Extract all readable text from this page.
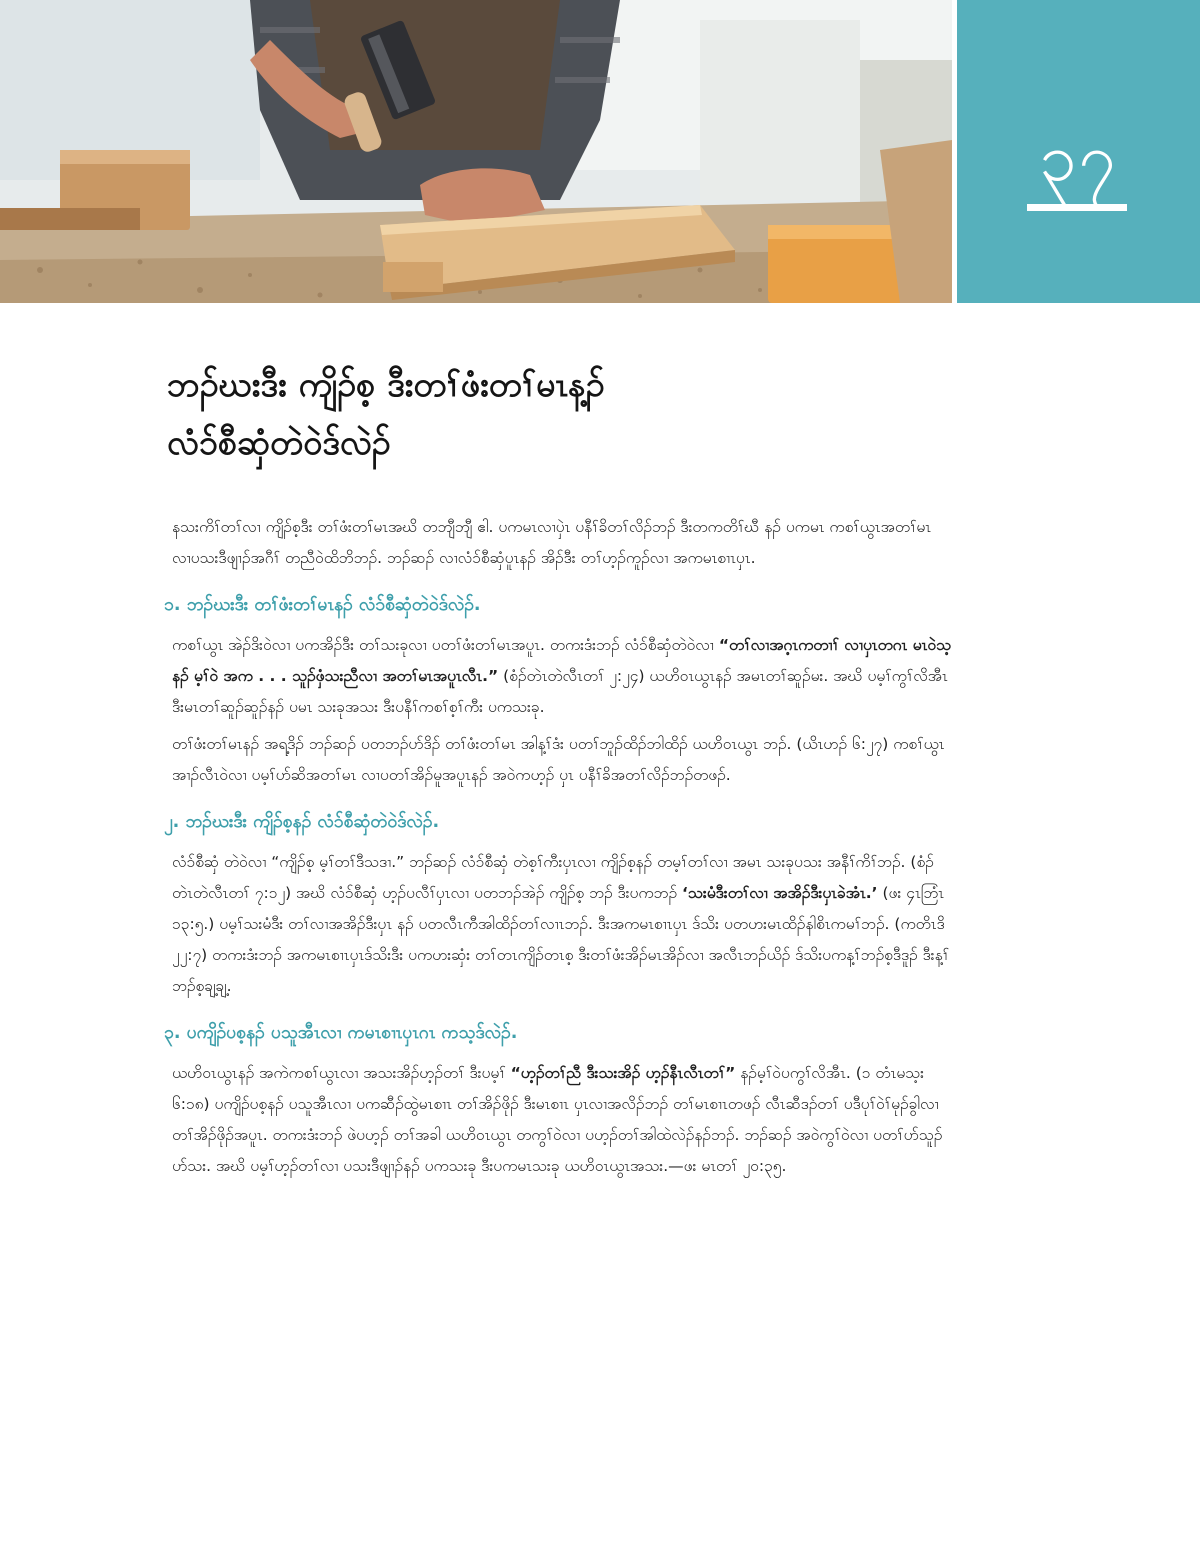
၃၇
ဘၣ်ဃးဒီး ကျိၣ်စ့ ဒီးတၢ်ဖံးတၢ်မၤန့ၣ်
လံၥ်စီဆှံတဲဝဲဒ်လဲၣ်

နသးကိၢ်တၢ်လၢ ကျိၣ်စ့ဒီး တၢ်ဖံးတၢ်မၤအဃိ တဘျီဘျီ ဧါ. ပကမၤလၢပှဲၤ ပနီၢ်ခိတၢ်လိၣ်ဘၣ် ဒီးတကတိၢ်ဃီ နၣ် ပကမၤ ကစၢ်ယွၤအတၢ်မၤ လၢပသးဒီဖျၢၣ်အဂီၢ် တညီဝဲထိဘိဘၣ်. ဘၣ်ဆၣ် လၢလံၥ်စီဆှံပူၤနၣ် အိၣ်ဒီး တၢ်ဟ့ၣ်ကူၣ်လၢ အကမၤစၢၤပှၤ.

၁. ဘၣ်ဃးဒီး တၢ်ဖံးတၢ်မၤနၣ် လံၥ်စီဆှံတဲဝဲဒ်လဲၣ်.

ကစၢ်ယွၤ အဲၣ်ဒိးဝဲလၢ ပကအိၣ်ဒီး တၢ်သးခုလၢ ပတၢ်ဖံးတၢ်မၤအပူၤ. တကးဒံးဘၣ် လံၥ်စီဆှံတဲဝဲလၢ “တၢ်လၢအဂ့ၤကတၢၢ် လၢပှၤတဂၤ မၤဝဲသ့နၣ် မ့ၢ်ဝဲ အက . . . သူၣ်ဖှံသးညီလၢ အတၢ်မၤအပူၤလီၤ.” (စံၣ်တဲၤတဲလီၤတၢ် ၂:၂၄) ယဟိဝၤယွၤနၣ် အမၤတၢ်ဆူၣ်မး. အဃိ ပမ့ၢ်ကွၢ်လိအီၤ ဒီးမၤတၢ်ဆူၣ်ဆူၣ်နၣ် ပမၤ သးခုအသး ဒီးပနီၢ်ကစၢ်စ့ၢ်ကီး ပကသးခု.

တၢ်ဖံးတၢ်မၤနၣ် အရ့ဒိၣ် ဘၣ်ဆၣ် ပတဘၣ်ပာ်ဒိၣ် တၢ်ဖံးတၢ်မၤ အါန့ၢ်ဒံး ပတၢ်ဘူၣ်ထိၣ်ဘါထိၣ် ယဟိဝၤယွၤ ဘၣ်. (ယိၤဟၣ် ၆:၂၇) ကစၢ်ယွၤ အၢၣ်လီၤဝဲလၢ ပမ့ၢ်ပာ်ဆိအတၢ်မၤ လၢပတၢ်အိၣ်မူအပူၤနၣ် အဝဲကဟ့ၣ် ပှၤ ပနီၢ်ခိအတၢ်လိၣ်ဘၣ်တဖၣ်.

၂. ဘၣ်ဃးဒီး ကျိၣ်စ့နၣ် လံၥ်စီဆှံတဲဝဲဒ်လဲၣ်.

လံၥ်စီဆှံ တဲဝဲလၢ “ကျိၣ်စ့ မ့ၢ်တၢ်ဒီသဒၢ.” ဘၣ်ဆၣ် လံၥ်စီဆှံ တဲစ့ၢ်ကီးပှၤလၢ ကျိၣ်စ့နၣ် တမ့ၢ်တၢ်လၢ အမၤ သးခုပသး အနီၢ်ကိၢ်ဘၣ်. (စံၣ်တဲၤတဲလီၤတၢ် ၇:၁၂) အဃိ လံၥ်စီဆှံ ဟ့ၣ်ပလီၢ်ပှၤလၢ ပတဘၣ်အဲၣ် ကျိၣ်စ့ ဘၣ် ဒီးပကဘၣ် ‘သးမံဒီးတၢ်လၢ အအိၣ်ဒီးပှၤခဲအံၤ.’ (ဖး ၄ၤဘြံၤ ၁၃:၅.) ပမ့ၢ်သးမံဒီး တၢ်လၢအအိၣ်ဒီးပှၤ နၣ် ပတလီၤကီအါထိၣ်တၢ်လၢၤဘၣ်. ဒီးအကမၤစၢၤပှၤ ဒ်သိး ပတဟးမၤထိၣ်နါစိၤကမၢ်ဘၣ်. (ကတိၤဒိ ၂၂:၇) တကးဒံးဘၣ် အကမၤစၢၤပှၤဒ်သိးဒီး ပကဟးဆှံး တၢ်တၤကျိၣ်တၤစ့ ဒီးတၢ်ဖံးအိၣ်မၤအိၣ်လၢ အလီၤဘၣ်ယိၣ် ဒ်သိးပကန့ၢ်ဘၣ်စ့ဒီဒူၣ် ဒီးန့ၢ်ဘၣ်စ့ချ့ချ့.

၃. ပကျိၣ်ပစ့နၣ် ပသူအီၤလၢ ကမၤစၢၤပှၤဂၤ ကသ့ဒ်လဲၣ်.

ယဟိဝၤယွၤနၣ် အကဲကစၢ်ယွၤလၢ အသးအိၣ်ဟ့ၣ်တၢ် ဒီးပမ့ၢ် “ဟ့ၣ်တၢ်ညီ ဒီးသးအိၣ် ဟ့ၣ်နီၤလီၤတၢ်” နၣ်မ့ၢ်ဝဲပကွၢ်လိအီၤ. (၁ တံၤမသ့း ၆:၁၈) ပကျိၣ်ပစ့နၣ် ပသူအီၤလၢ ပကဆီၣ်ထွဲမၤစၢၤ တၢ်အိၣ်ဖိုၣ် ဒီးမၤစၢၤ ပှၤလၢအလိၣ်ဘၣ် တၢ်မၤစၢၤတဖၣ် လီၤဆီဒၣ်တၢ် ပဒီပုၢ်ဝဲၢ်မုၣ်ခွါလၢ တၢ်အိၣ်ဖိုၣ်အပူၤ. တကးဒံးဘၣ် ဖဲပဟ့ၣ် တၢ်အခါ ယဟိဝၤယွၤ တကွၢ်ဝဲလၢ ပဟ့ၣ်တၢ်အါထဲလဲၣ်နၣ်ဘၣ်. ဘၣ်ဆၣ် အဝဲကွၢ်ဝဲလၢ ပတၢ်ပာ်သူၣ်ပာ်သး. အဃိ ပမ့ၢ်ဟ့ၣ်တၢ်လၢ ပသးဒီဖျၢၣ်နၣ် ပကသးခု ဒီးပကမၤသးခု ယဟိဝၤယွၤအသး.—ဖး မၤတၢ် ၂၀:၃၅.
